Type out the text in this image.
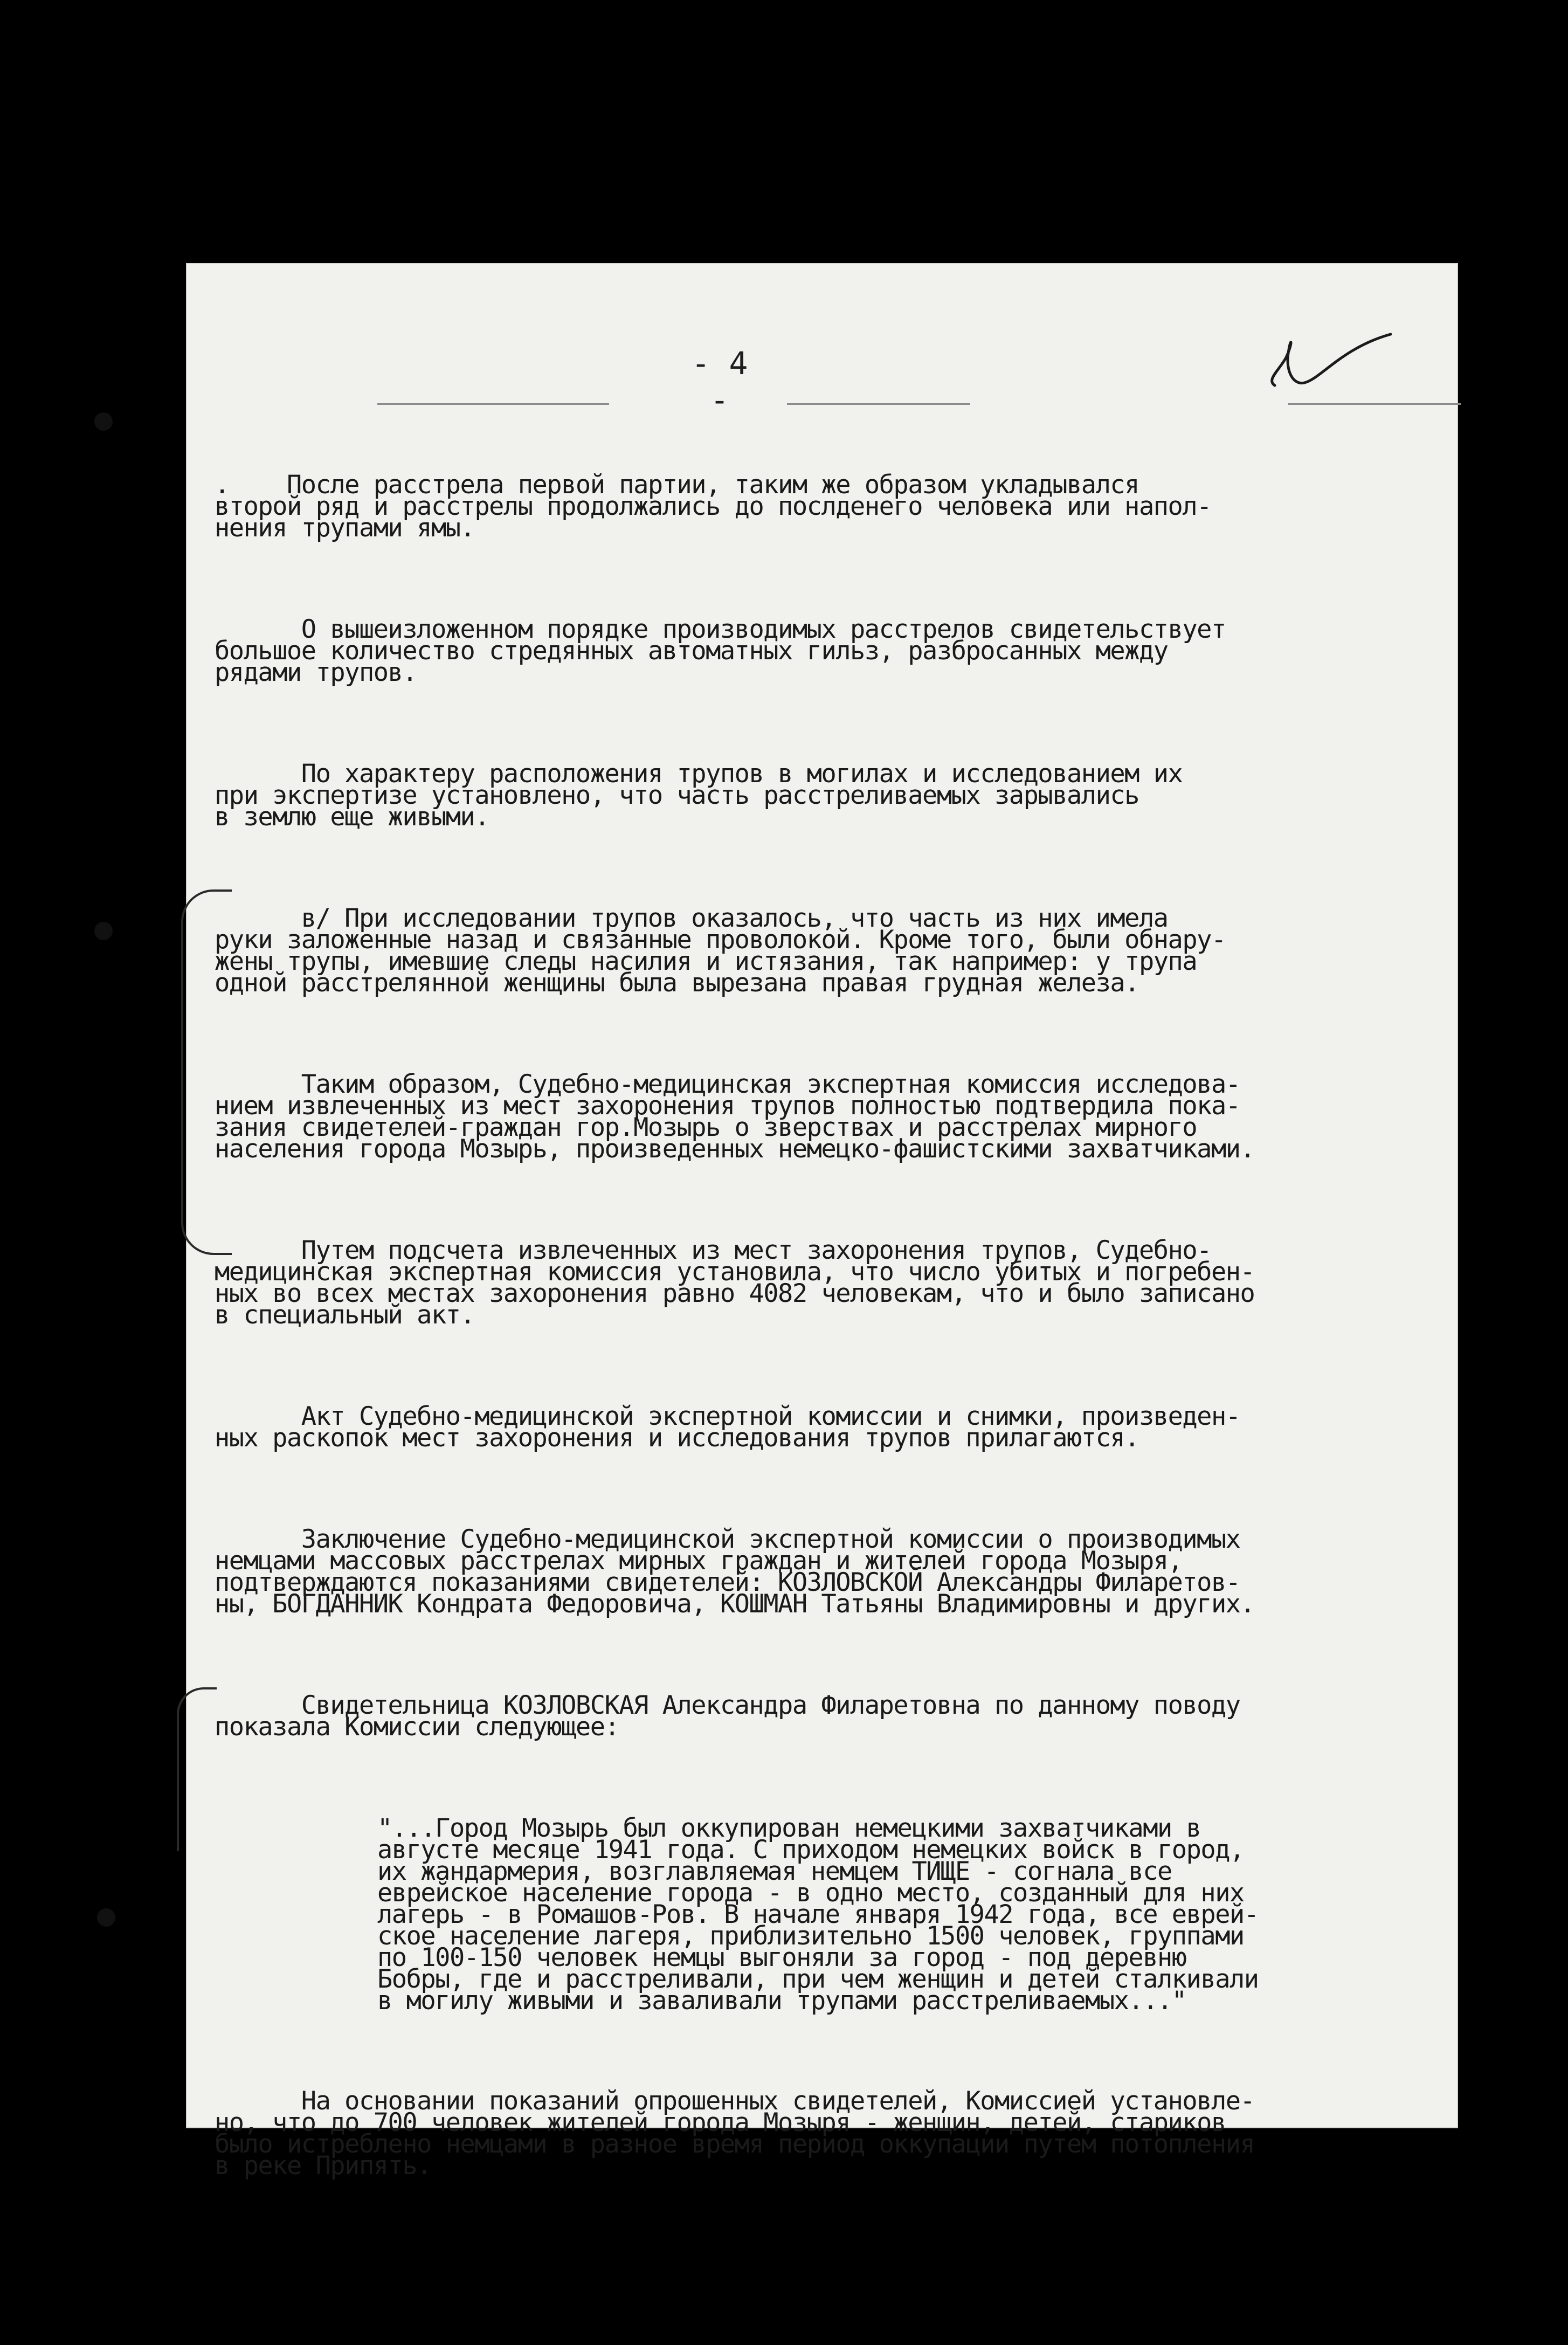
- 4 -

.    После расстрела первой партии, таким же образом укладывался
второй ряд и расстрелы продолжались до послденего человека или напол-
нения трупами ямы.

О вышеизложенном порядке производимых расстрелов свидетельствует
большое количество стредянных автоматных гильз, разбросанных между
рядами трупов.

По характеру расположения трупов в могилах и исследованием их
при экспертизе установлено, что часть расстреливаемых зарывались
в землю еще живыми.

в/ При исследовании трупов оказалось, что часть из них имела
руки заложенные назад и связанные проволокой. Кроме того, были обнару-
жены трупы, имевшие следы насилия и истязания, так например: у трупа
одной расстрелянной женщины была вырезана правая грудная железа.

Таким образом, Судебно-медицинская экспертная комиссия исследова-
нием извлеченных из мест захоронения трупов полностью подтвердила пока-
зания свидетелей-граждан гор.Мозырь о зверствах и расстрелах мирного
населения города Мозырь, произведенных немецко-фашистскими захватчиками.

Путем подсчета извлеченных из мест захоронения трупов, Судебно-
медицинская экспертная комиссия установила, что число убитых и погребен-
ных во всех местах захоронения равно 4082 человекам, что и было записано
в специальный акт.

Акт Судебно-медицинской экспертной комиссии и снимки, произведен-
ных раскопок мест захоронения и исследования трупов прилагаются.

Заключение Судебно-медицинской экспертной комиссии о производимых
немцами массовых расстрелах мирных граждан и жителей города Мозыря,
подтверждаются показаниями свидетелей: КОЗЛОВСКОЙ Александры Филаретов-
ны, БОГДАННИК Кондрата Федоровича, КОШМАН Татьяны Владимировны и других.

Свидетельница КОЗЛОВСКАЯ Александра Филаретовна по данному поводу
показала Комиссии следующее:

"...Город Мозырь был оккупирован немецкими захватчиками в
августе месяце 1941 года. С приходом немецких войск в город,
их жандармерия, возглавляемая немцем ТИЩЕ - согнала все
еврейское население города - в одно место, созданный для них
лагерь - в Ромашов-Ров. В начале января 1942 года, все еврей-
ское население лагеря, приблизительно 1500 человек, группами
по 100-150 человек немцы выгоняли за город - под деревню
Бобры, где и расстреливали, при чем женщин и детей сталкивали
в могилу живыми и заваливали трупами расстреливаемых..."

На основании показаний опрошенных свидетелей, Комиссией установле-
но, что до 700 человек жителей города Мозыря - женщин, детей, стариков
было истреблено немцами в разное время период оккупации путем потопления
в реке Припять.
